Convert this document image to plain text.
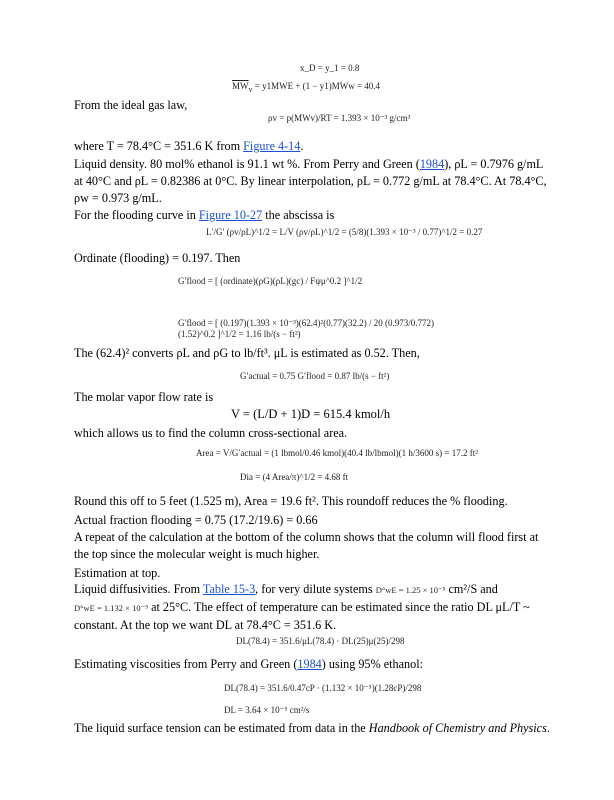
x_D = y_1 = 0.8
$\overline{MW}_v = y1MWE + (1 - y1)MWw = 40.4$

From the ideal gas law,

ρv = p(MWv)/RT = 1.393 × 10⁻³ g/cm³

where T = 78.4°C = 351.6 K from Figure 4-14.

Liquid density. 80 mol% ethanol is 91.1 wt %. From Perry and Green (1984), ρL = 0.7976 g/mL at 40°C and ρL = 0.82386 at 0°C. By linear interpolation, ρL = 0.772 g/mL at 78.4°C. At 78.4°C, ρw = 0.973 g/mL.

For the flooding curve in Figure 10-27 the abscissa is

L′/G′ (ρv/ρL)^1/2 = L/V (ρv/ρL)^1/2 = (5/8)(1.393 × 10⁻³ / 0.77)^1/2 = 0.27

Ordinate (flooding) = 0.197. Then

G′flood = [ (ordinate)(ρG)(ρL)(gc) / Fψμ^0.2 ]^1/2
G′flood = [ (0.197)(1.393 × 10⁻³)(62.4)²(0.77)(32.2) / 20 (0.973/0.772)(1.52)^0.2 ]^1/2 = 1.16 lb/(s − ft²)

The (62.4)² converts ρL and ρG to lb/ft³. μL is estimated as 0.52. Then,

G′actual = 0.75 G′flood = 0.87 lb/(s − ft²)

The molar vapor flow rate is

V = (L/D + 1)D = 615.4 kmol/h

which allows us to find the column cross-sectional area.

Area = V/G′actual = (1 lbmol/0.46 kmol)(40.4 lb/lbmol)(1 h/3600 s) = 17.2 ft²
Dia = (4 Area/π)^1/2 = 4.68 ft

Round this off to 5 feet (1.525 m), Area = 19.6 ft². This roundoff reduces the % flooding.

Actual fraction flooding = 0.75 (17.2/19.6) = 0.66

A repeat of the calculation at the bottom of the column shows that the column will flood first at the top since the molecular weight is much higher.

Estimation at top.

Liquid diffusivities. From Table 15-3, for very dilute systems D°wE = 1.25 × 10⁻⁵ cm²/S and
D°wE = 1.132 × 10⁻⁵ at 25°C. The effect of temperature can be estimated since the ratio DL μL/T ~ constant. At the top we want DL at 78.4°C = 351.6 K.

DL(78.4) = 351.6/μL(78.4) · DL(25)μ(25)/298

Estimating viscosities from Perry and Green (1984) using 95% ethanol:

DL(78.4) = 351.6/0.47cP · (1.132 × 10⁻⁵)(1.28cP)/298
DL = 3.64 × 10⁻⁵ cm²/s

The liquid surface tension can be estimated from data in the Handbook of Chemistry and Physics.
